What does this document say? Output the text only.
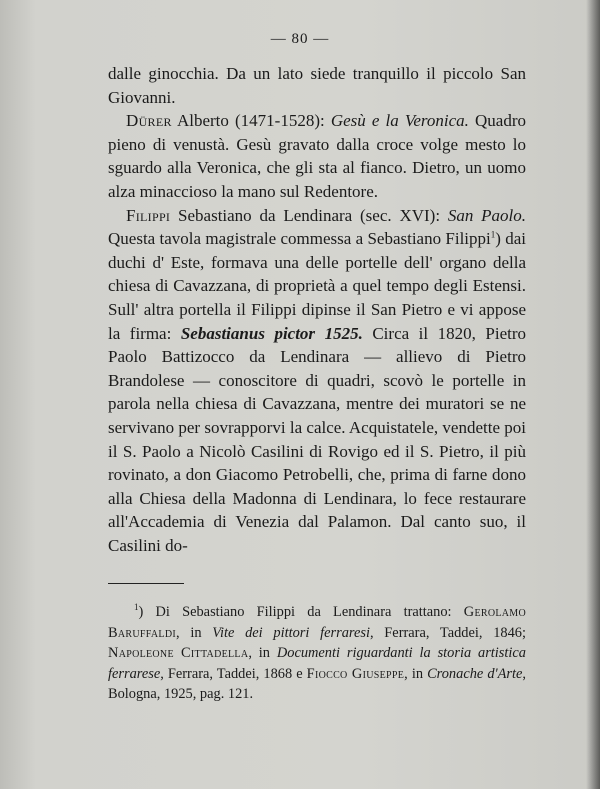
— 80 —

dalle ginocchia. Da un lato siede tranquillo il piccolo San Giovanni.

Dürer Alberto (1471-1528): Gesù e la Veronica. Quadro pieno di venustà. Gesù gravato dalla croce volge mesto lo sguardo alla Veronica, che gli sta al fianco. Dietro, un uomo alza minaccioso la mano sul Redentore.

Filippi Sebastiano da Lendinara (sec. XVI): San Paolo. Questa tavola magistrale commessa a Sebastiano Filippi$^1$) dai duchi d' Este, formava una delle portelle dell' organo della chiesa di Cavazzana, di proprietà a quel tempo degli Estensi. Sull' altra portella il Filippi dipinse il San Pietro e vi appose la firma: Sebastianus pictor 1525. Circa il 1820, Pietro Paolo Battizocco da Lendinara — allievo di Pietro Brandolese — conoscitore di quadri, scovò le portelle in parola nella chiesa di Cavazzana, mentre dei muratori se ne servivano per sovrapporvi la calce. Acquistatele, vendette poi il S. Paolo a Nicolò Casilini di Rovigo ed il S. Pietro, il più rovinato, a don Giacomo Petrobelli, che, prima di farne dono alla Chiesa della Madonna di Lendinara, lo fece restaurare all'Accademia di Venezia dal Palamon. Dal canto suo, il Casilini do-

$^1$) Di Sebastiano Filippi da Lendinara trattano: Gerolamo Baruffaldi, in Vite dei pittori ferraresi, Ferrara, Taddei, 1846; Napoleone Cittadella, in Documenti riguardanti la storia artistica ferrarese, Ferrara, Taddei, 1868 e Fiocco Giuseppe, in Cronache d'Arte, Bologna, 1925, pag. 121.
